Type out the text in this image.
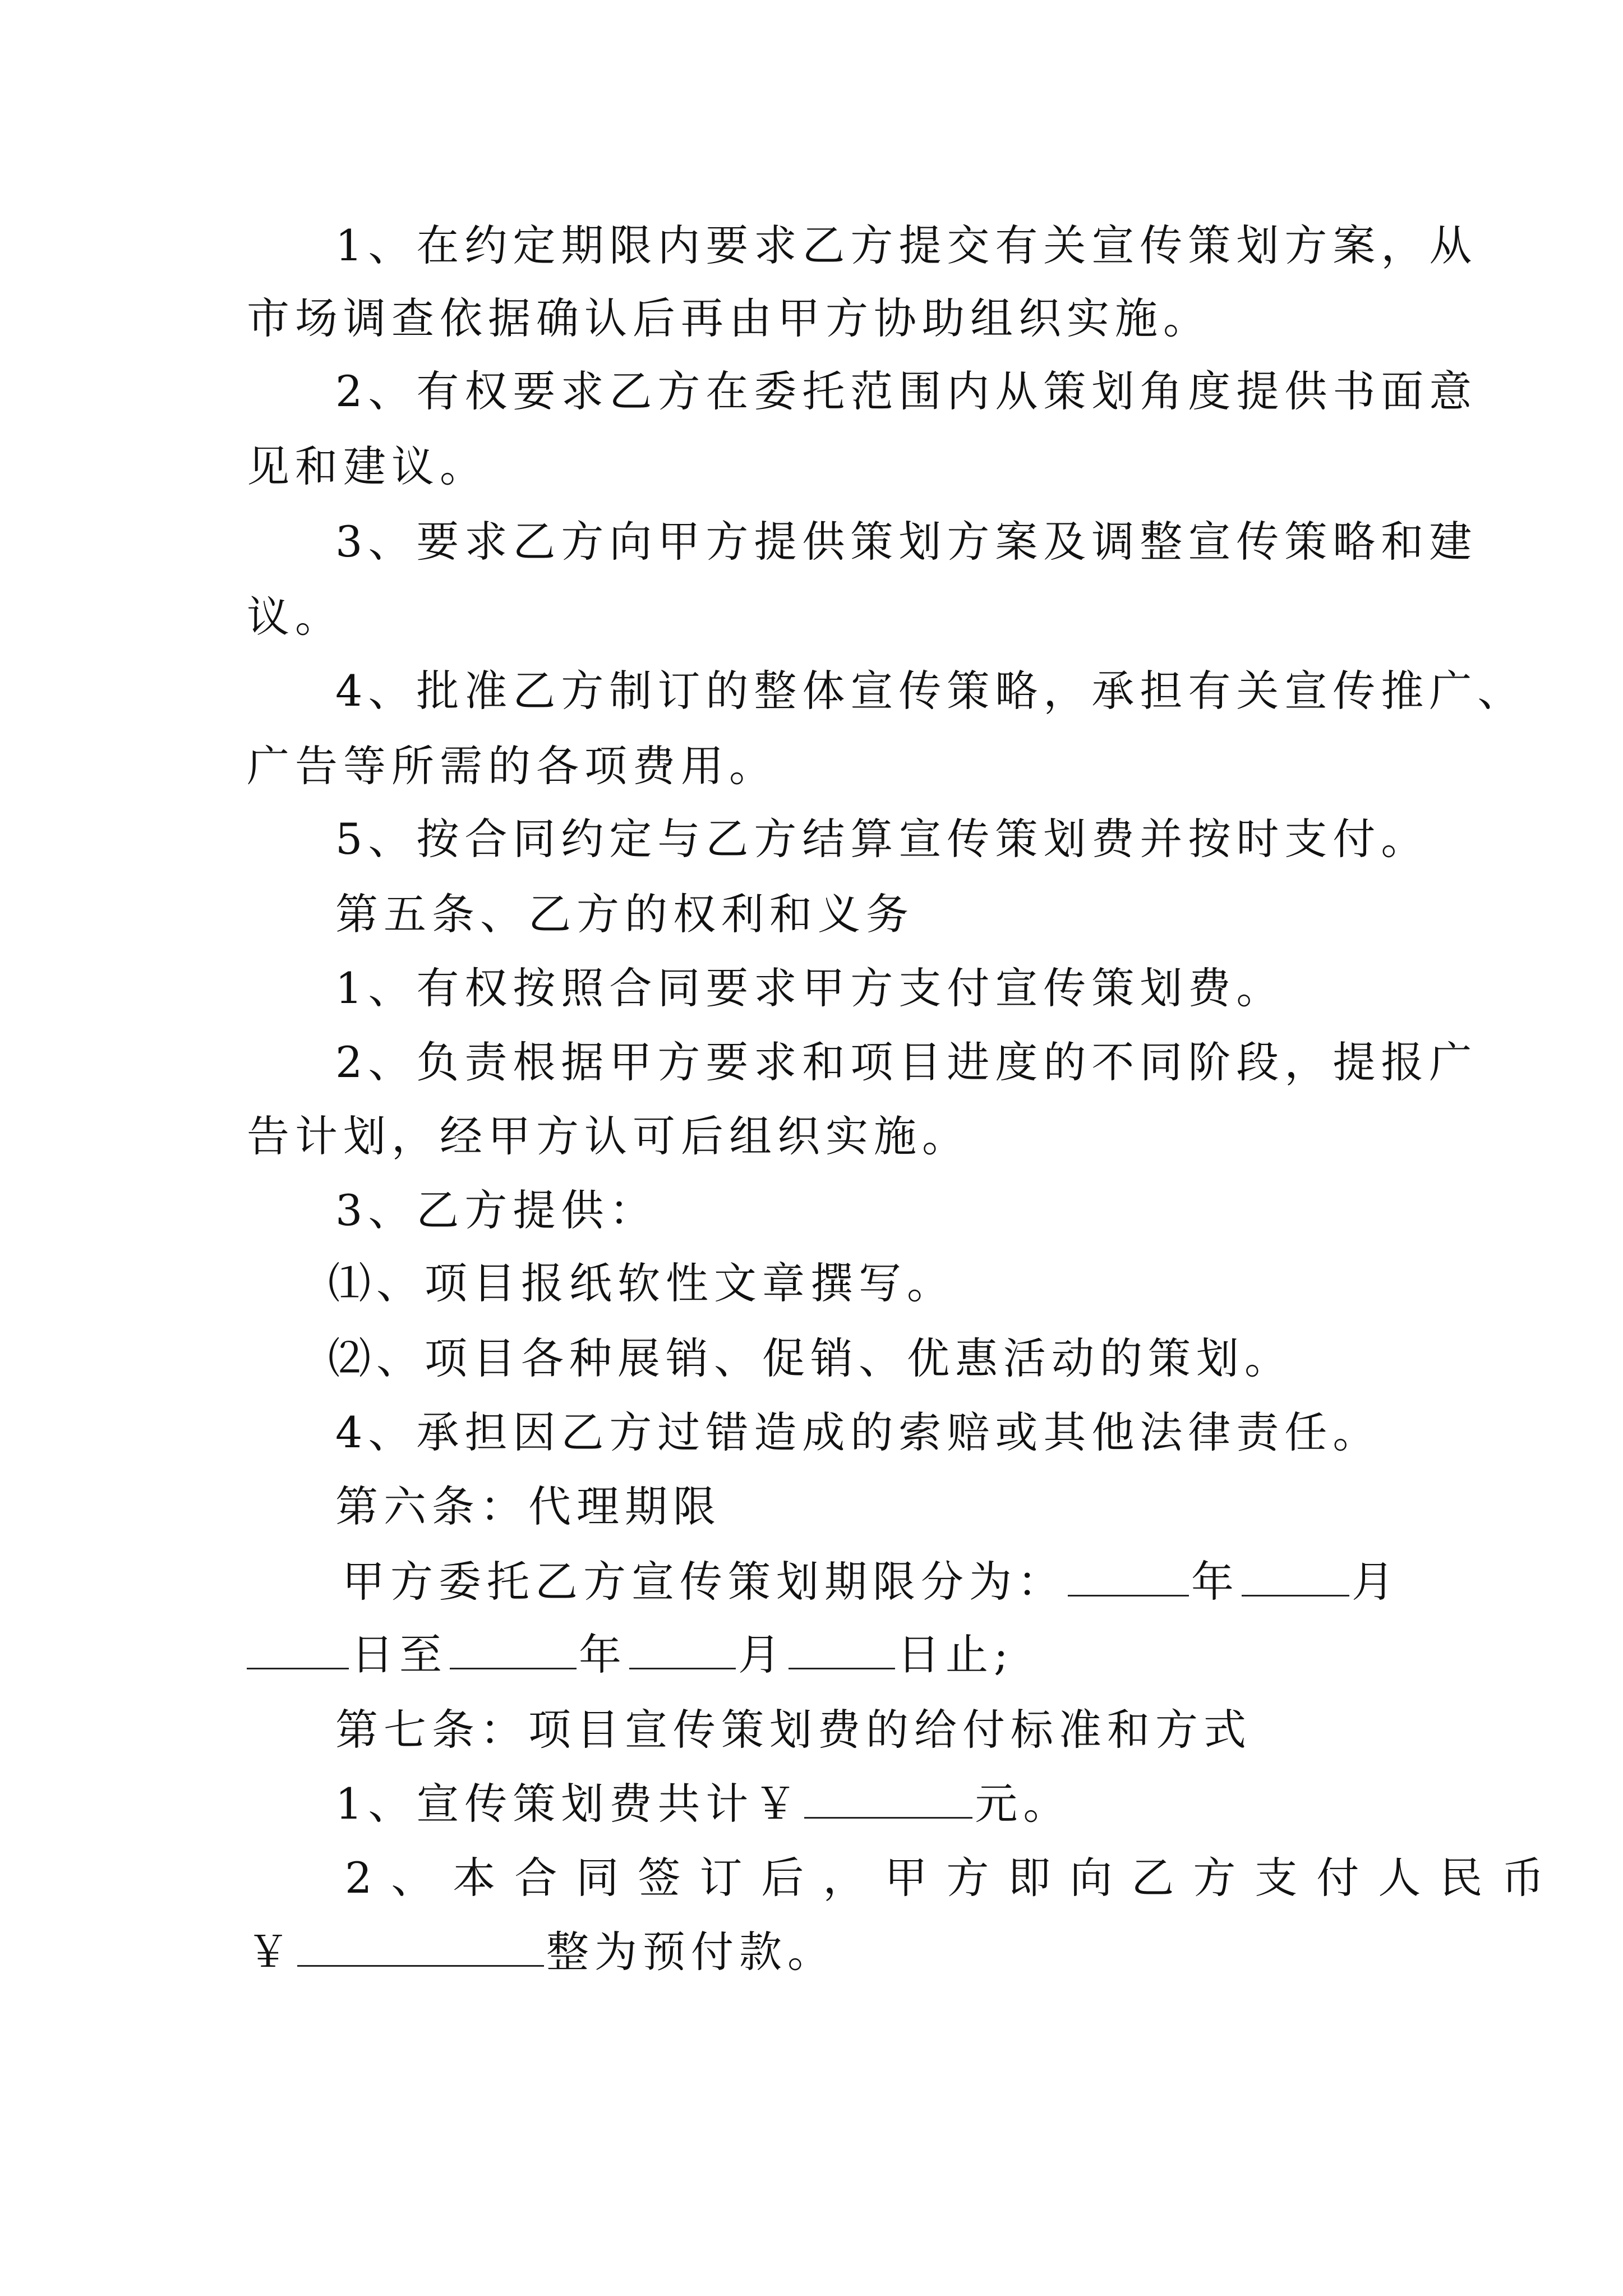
1、在约定期限内要求乙方提交有关宣传策划方案，从
市场调查依据确认后再由甲方协助组织实施。
2、有权要求乙方在委托范围内从策划角度提供书面意
见和建议。
3、要求乙方向甲方提供策划方案及调整宣传策略和建
议。
4、批准乙方制订的整体宣传策略，承担有关宣传推广、
广告等所需的各项费用。
5、按合同约定与乙方结算宣传策划费并按时支付。
第五条、乙方的权利和义务
1、有权按照合同要求甲方支付宣传策划费。
2、负责根据甲方要求和项目进度的不同阶段，提报广
告计划，经甲方认可后组织实施。
3、乙方提供：
⑴、项目报纸软性文章撰写。
⑵、项目各种展销、促销、优惠活动的策划。
4、承担因乙方过错造成的索赔或其他法律责任。
第六条：代理期限
甲方委托乙方宣传策划期限分为：	年	月
日至	年	月	日止;
第七条：项目宣传策划费的给付标准和方式
1、宣传策划费共计￥	元。
2、本合同签订后，甲方即向乙方支付人民币
￥	整为预付款。
